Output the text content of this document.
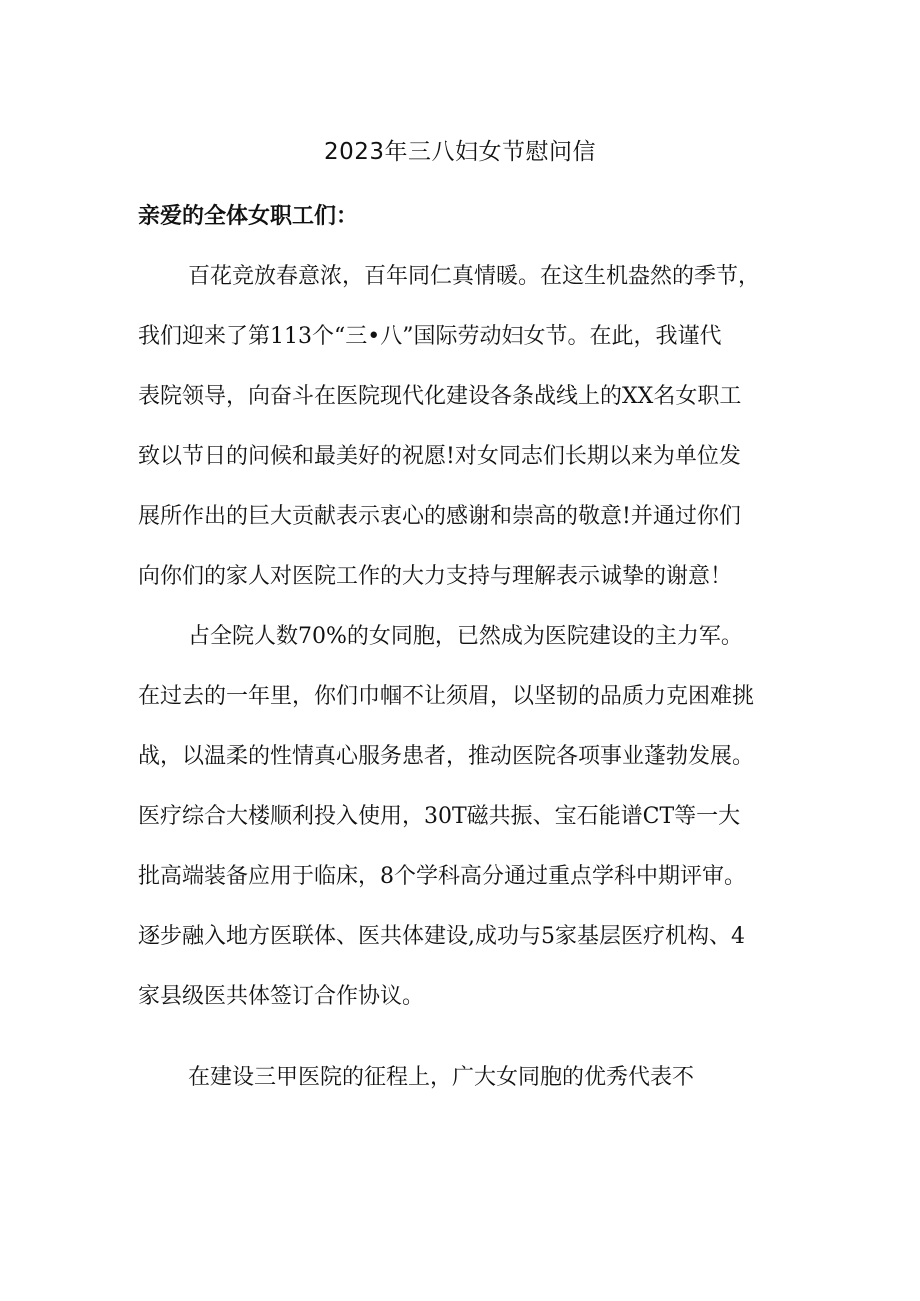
2023年三八妇女节慰问信
亲爱的全体女职工们：
百花竞放春意浓，百年同仁真情暖。在这生机盎然的季节，
我们迎来了第113个“三•八”国际劳动妇女节。在此，我谨代
表院领导，向奋斗在医院现代化建设各条战线上的XX名女职工
致以节日的问候和最美好的祝愿!对女同志们长期以来为单位发
展所作出的巨大贡献表示衷心的感谢和崇高的敬意!并通过你们
向你们的家人对医院工作的大力支持与理解表示诚挚的谢意！
占全院人数70%的女同胞，已然成为医院建设的主力军。
在过去的一年里，你们巾帼不让须眉，以坚韧的品质力克困难挑
战，以温柔的性情真心服务患者，推动医院各项事业蓬勃发展。
医疗综合大楼顺利投入使用，30T磁共振、宝石能谱CT等一大
批高端装备应用于临床，8个学科高分通过重点学科中期评审。
逐步融入地方医联体、医共体建设,成功与5家基层医疗机构、4
家县级医共体签订合作协议。
在建设三甲医院的征程上，广大女同胞的优秀代表不
